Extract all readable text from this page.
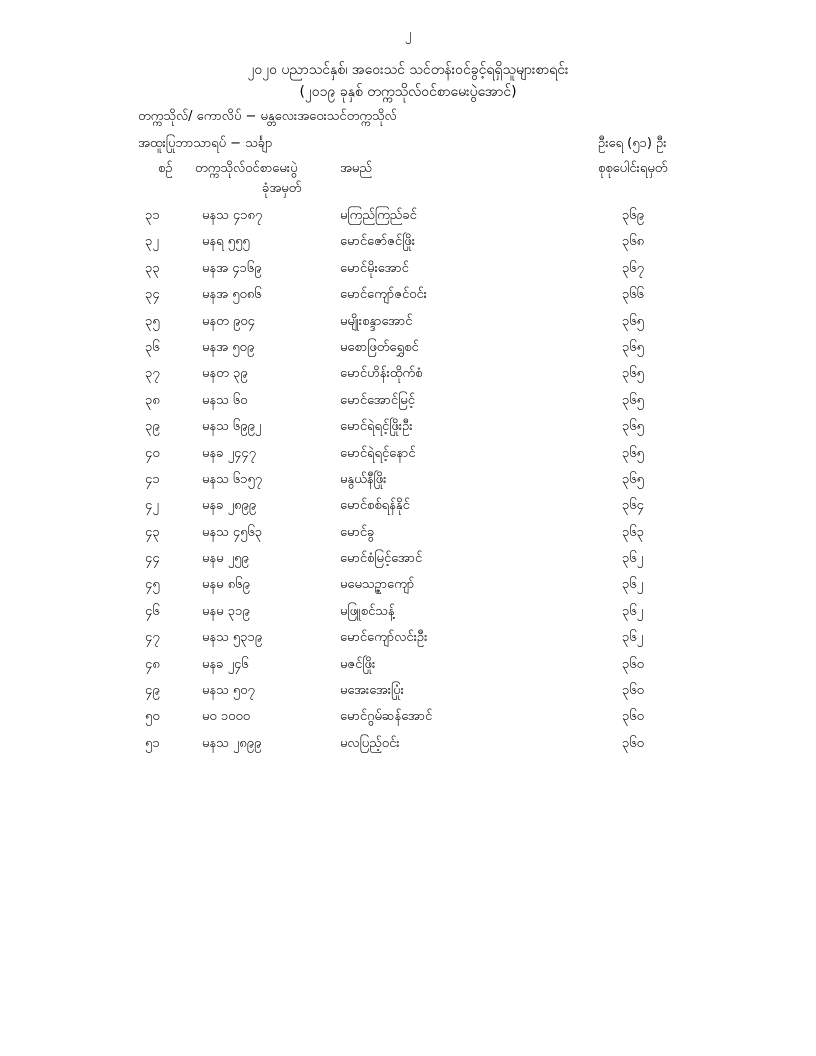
၂
၂၀၂၀ ပညာသင်နှစ်၊ အဝေးသင် သင်တန်းဝင်ခွင့်ရရှိသူများစာရင်း
(၂၀၁၉ ခုနှစ် တက္ကသိုလ်ဝင်စာမေးပွဲအောင်)
တက္ကသိုလ်/ ကောလိပ် − မန္တလေးအဝေးသင်တက္ကသိုလ်
အထူးပြုဘာသာရပ် − သင်္ချာ	ဦးရေ (၅၁) ဦး
စဉ် တက္ကသိုလ်ဝင်စာမေးပွဲ
ခုံအမှတ်
အမည်	စုစုပေါင်းရမှတ်
၃၁	မနသ ၄၁၈၇	မကြည်ကြည်ခင်	၃၆၉
၃၂	မနရ ၅၅၅	မောင်ဇော်ဇင်ဖြိုး	၃၆၈
၃၃	မနအ ၄၁၆၉	မောင်မိုးအောင်	၃၆၇
၃၄	မနအ ၅၀၈၆	မောင်ကျော်ဇင်ဝင်း	၃၆၆
၃၅	မနတ ၉၀၄	မမျိုးစန္ဒာအောင်	၃၆၅
၃၆	မနအ ၅၀၉	မစောဖြတ်ရွှေစင်	၃၆၅
၃၇	မနတ ၃၉	မောင်ဟိန်းထိုက်စံ	၃၆၅
၃၈	မနသ ၆၀	မောင်အောင်မြင့်	၃၆၅
၃၉	မနသ ၆၉၉၂	မောင်ရဲရင့်ဖြိုးဦး	၃၆၅
၄၀	မနခ ၂၄၄၇	မောင်ရဲရင့်နောင်	၃၆၅
၄၁	မနသ ၆၁၅၇	မနွယ်နီဖြိုး	၃၆၅
၄၂	မနခ ၂၈၉၉	မောင်စစ်ရန်နိုင်	၃၆၄
၄၃	မနသ ၄၅၆၃	မောင်ခွ	၃၆၃
၄၄	မနမ ၂၅၉	မောင်စံမြင့်အောင်	၃၆၂
၄၅	မနမ ၈၆၉	မမေသဥ္ဇာကျော်	၃၆၂
၄၆	မနမ ၃၁၉	မဖြူစင်သန့်	၃၆၂
၄၇	မနသ ၅၃၁၉	မောင်ကျော်လင်းဦး	၃၆၂
၄၈	မနခ ၂၄၆	မဇင်ဖြိုး	၃၆၀
၄၉	မနသ ၅၀၇	မအေးအေးပြုံး	၃၆၀
၅၀	မဝ ၁၀၀၀	မောင်ဂွမ်ဆန်အောင်	၃၆၀
၅၁	မနသ ၂၈၉၉	မလပြည့်ဝင်း	၃၆၀
